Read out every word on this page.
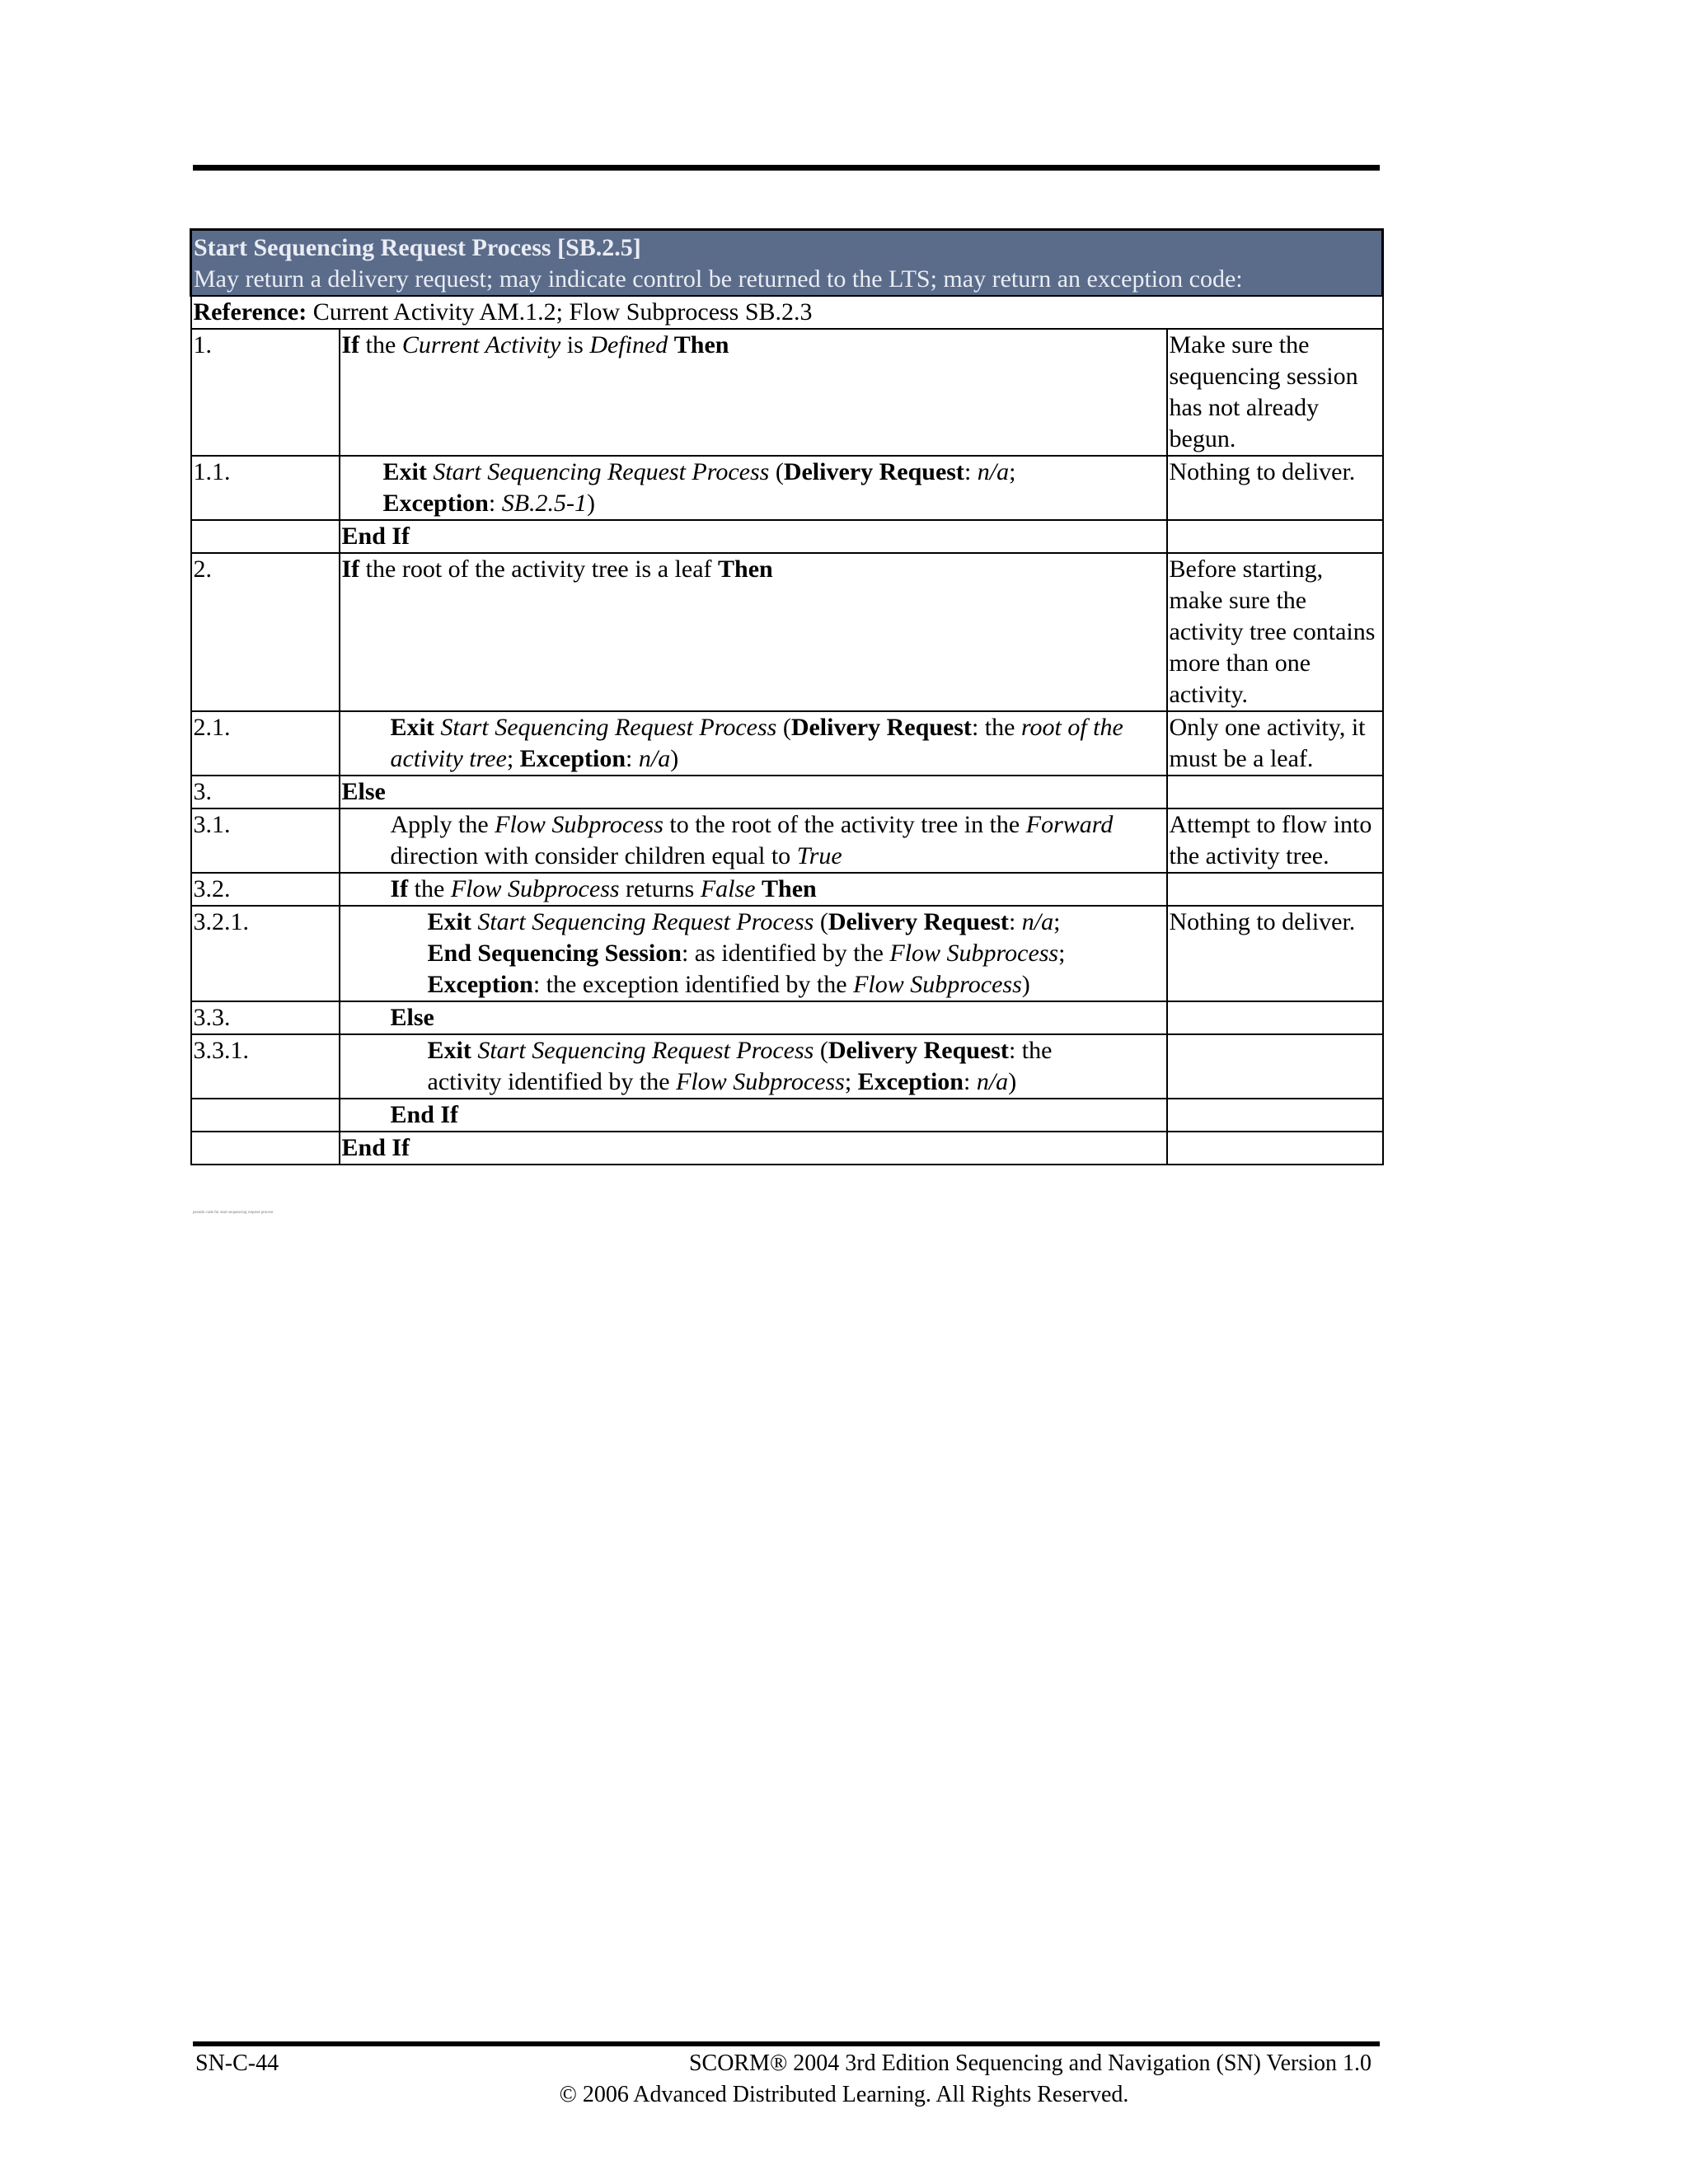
Start Sequencing Request Process [SB.2.5]		
May return a delivery request; may indicate control be returned to the LTS; may return an exception code:		
Reference: Current Activity AM.1.2; Flow Subprocess SB.2.3		
1.	If the Current Activity is Defined Then	Make sure the sequencing session has not already begun.
1.1.	Exit Start Sequencing Request Process (Delivery Request: n/a;
Exception: SB.2.5-1)	Nothing to deliver.
	End If	
2.	If the root of the activity tree is a leaf Then	Before starting, make sure the activity tree contains more than one activity.
2.1.	Exit Start Sequencing Request Process (Delivery Request: the root of the activity tree; Exception: n/a)	Only one activity, it must be a leaf.
3.	Else	
3.1.	Apply the Flow Subprocess to the root of the activity tree in the Forward direction with consider children equal to True	Attempt to flow into the activity tree.
3.2.	If the Flow Subprocess returns False Then	
3.2.1.	Exit Start Sequencing Request Process (Delivery Request: n/a;
End Sequencing Session: as identified by the Flow Subprocess;
Exception: the exception identified by the Flow Subprocess)	Nothing to deliver.
3.3.	Else	
3.3.1.	Exit Start Sequencing Request Process (Delivery Request: the
activity identified by the Flow Subprocess; Exception: n/a)	
	End If	
	End If	
pseudo code for start sequencing request process
SN-C-44	SCORM® 2004 3rd Edition Sequencing and Navigation (SN) Version 1.0
© 2006 Advanced Distributed Learning. All Rights Reserved.
